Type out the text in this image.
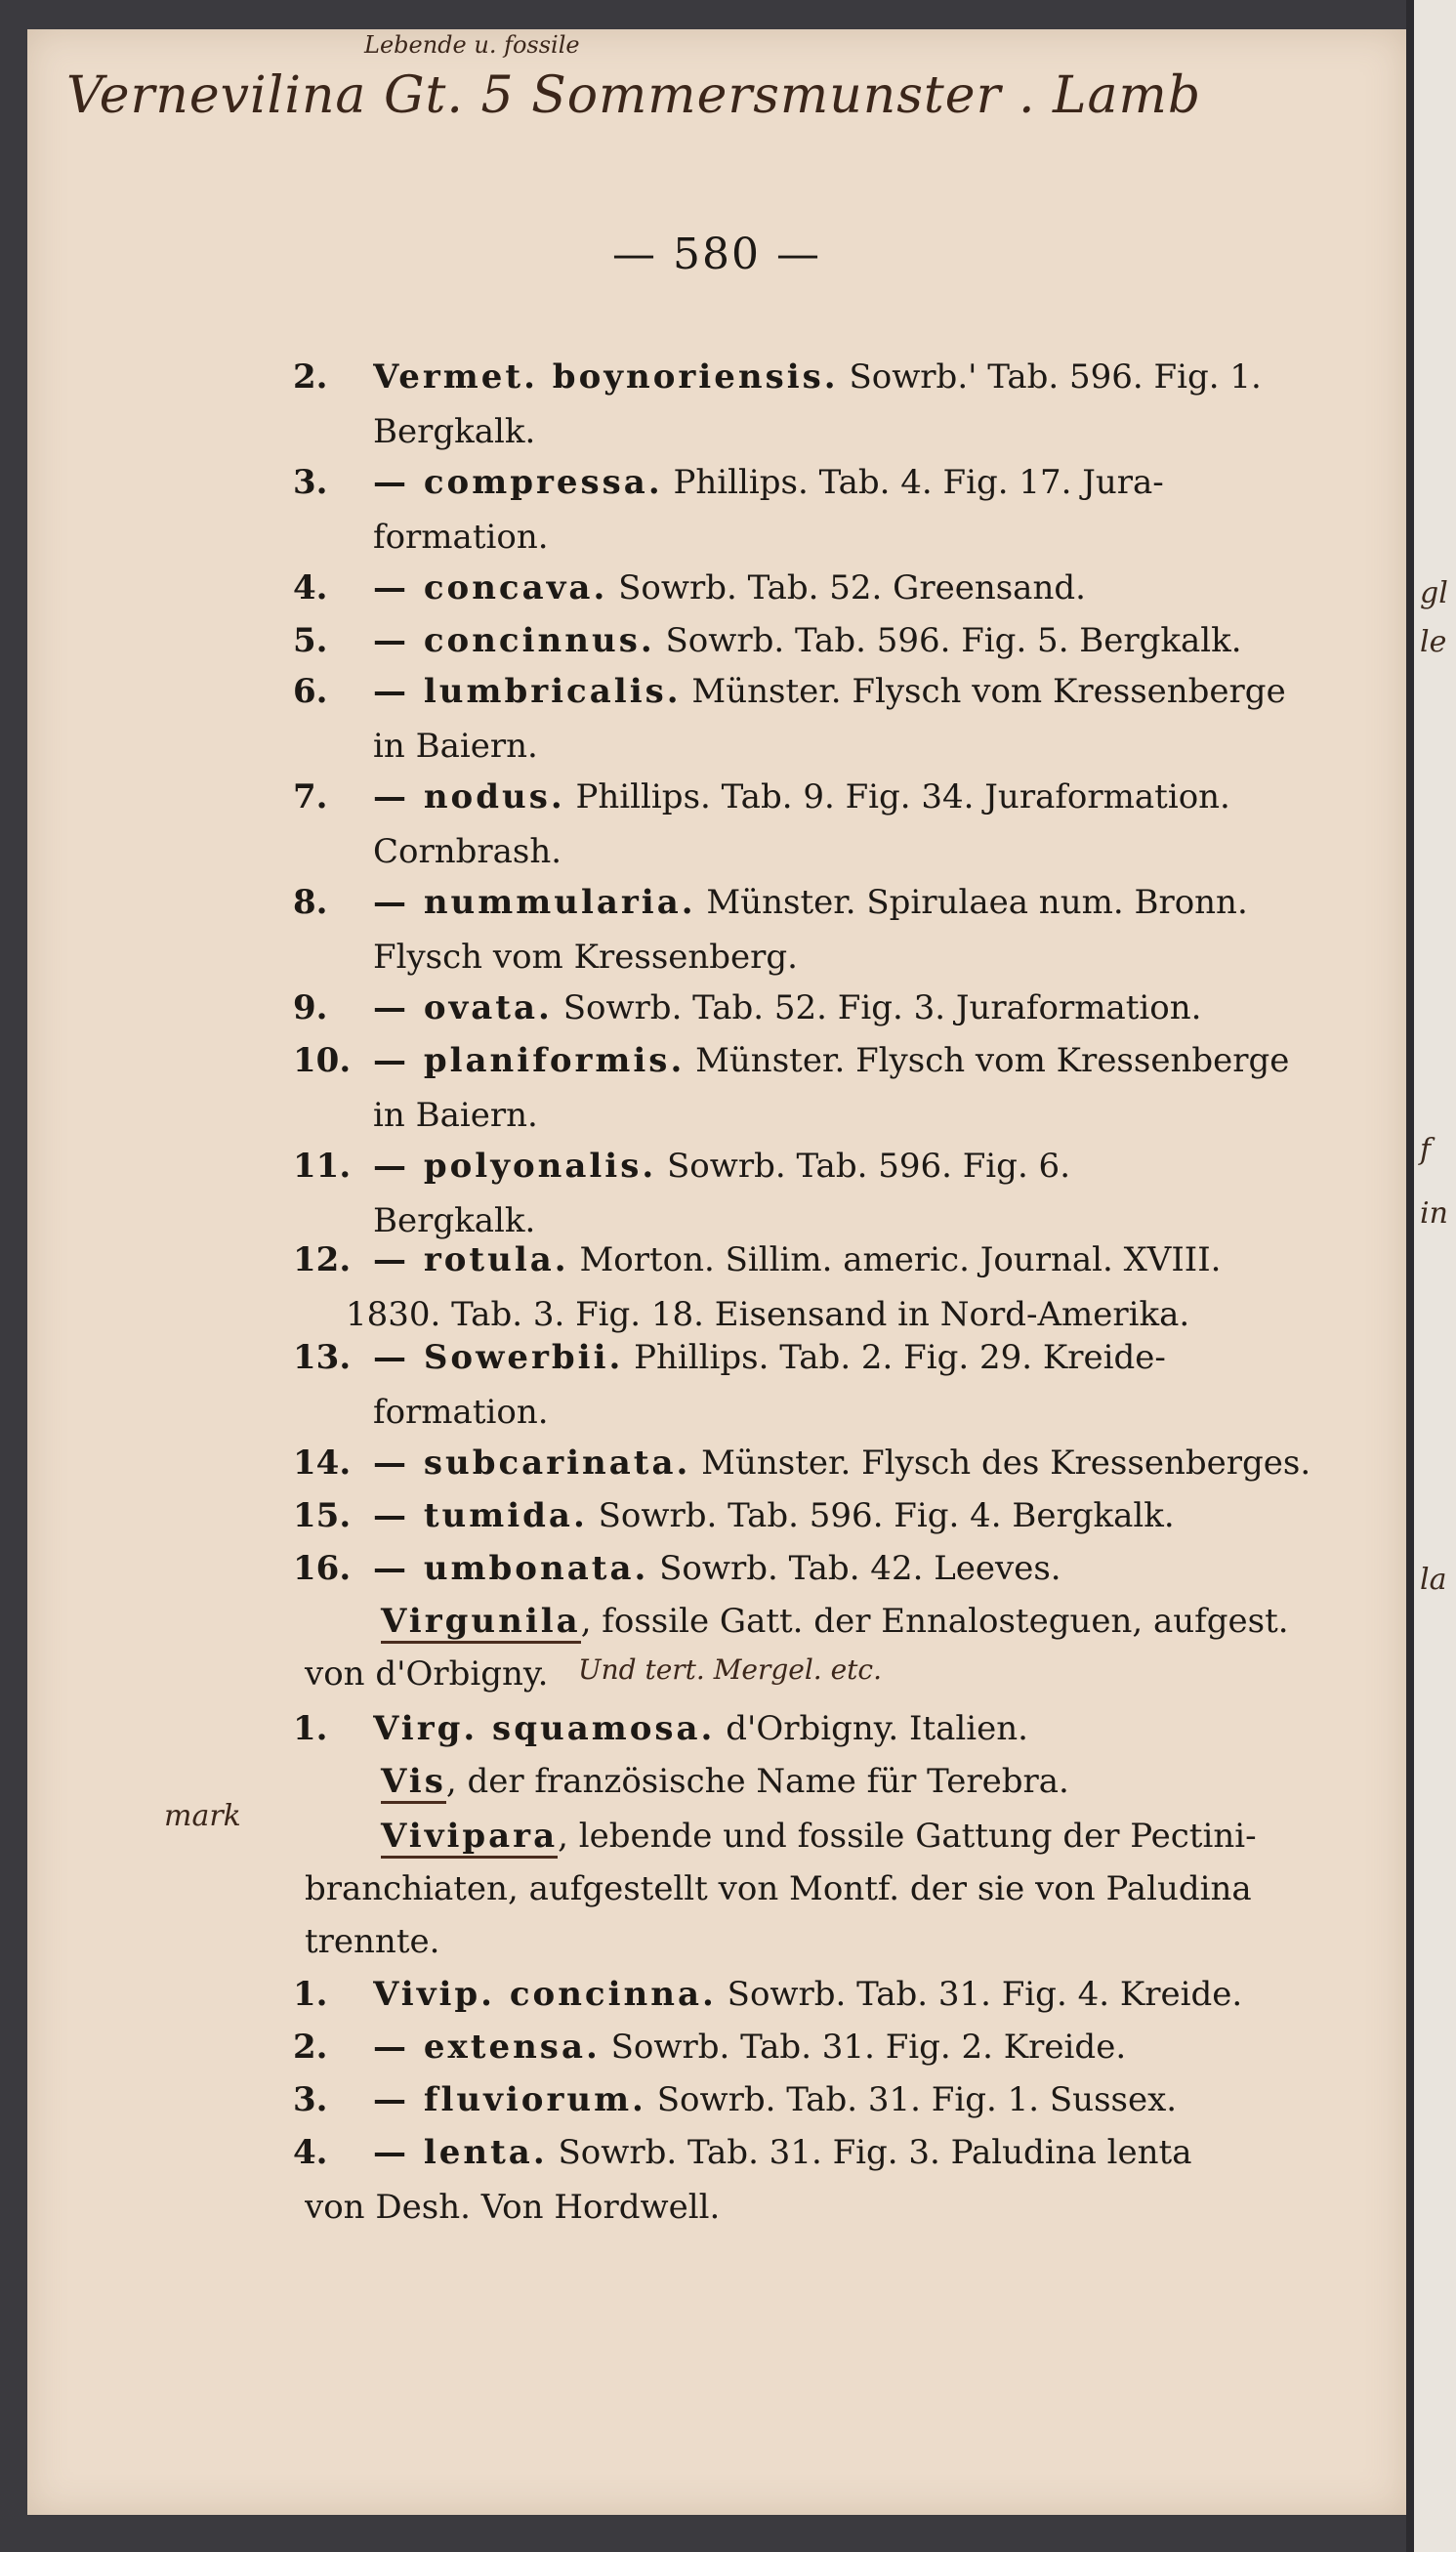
Lebende u. fossile
Vernevilina Gt. 5 Sommersmunster . Lamb
— 580 —
2.	Vermet. boynoriensis. Sowrb.' Tab. 596. Fig. 1.
Bergkalk.
3.	— compressa. Phillips. Tab. 4. Fig. 17. Jura-
formation.
4.	— concava. Sowrb. Tab. 52. Greensand.
5.	— concinnus. Sowrb. Tab. 596. Fig. 5. Bergkalk.
6.	— lumbricalis. Münster. Flysch vom Kressenberge
in Baiern.
7.	— nodus. Phillips. Tab. 9. Fig. 34. Juraformation.
Cornbrash.
8.	— nummularia. Münster. Spirulaea num. Bronn.
Flysch vom Kressenberg.
9.	— ovata. Sowrb. Tab. 52. Fig. 3. Juraformation.
10. — planiformis. Münster. Flysch vom Kressenberge
in Baiern.
11. — polyonalis. Sowrb. Tab. 596. Fig. 6.
Bergkalk.
12. — rotula. Morton. Sillim. americ. Journal. XVIII.
1830. Tab. 3. Fig. 18. Eisensand in Nord-Amerika.
13. — Sowerbii. Phillips. Tab. 2. Fig. 29. Kreide-
formation.
14. — subcarinata. Münster. Flysch des Kressenberges.
15. — tumida. Sowrb. Tab. 596. Fig. 4. Bergkalk.
16. — umbonata. Sowrb. Tab. 42. Leeves.
Virgunila, fossile Gatt. der Ennalosteguen, aufgest.
von d'Orbigny. Und tert. Mergel. etc.
1.	Virg. squamosa. d'Orbigny. Italien.
Vis, der französische Name für Terebra.
mark
Vivipara, lebende und fossile Gattung der Pectini-
branchiaten, aufgestellt von Montf. der sie von Paludina
trennte.
1.	Vivip. concinna. Sowrb. Tab. 31. Fig. 4. Kreide.
2.	— extensa. Sowrb. Tab. 31. Fig. 2. Kreide.
3.	— fluviorum. Sowrb. Tab. 31. Fig. 1. Sussex.
4.	— lenta. Sowrb. Tab. 31. Fig. 3. Paludina lenta
von Desh. Von Hordwell.
gl
le
f
in
la
